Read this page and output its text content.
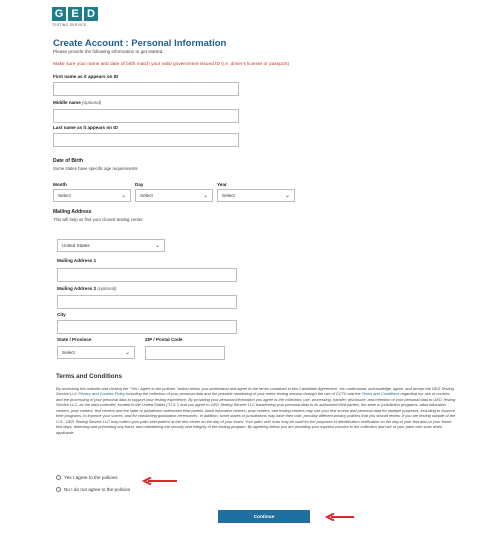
G E D
TESTING SERVICE
Create Account : Personal Information
Please provide the following information to get started.
Make sure your name and date of birth match your valid government-issued ID (i.e. driver's license or passport)
First name as it appears on ID
Middle name (optional)
Last name as it appears on ID
Date of Birth
Some states have specific age requirements
Month
Select	⌄
Day
Select	⌄
Year
Select	⌄
Mailing Address
This will help us find your closest testing center.
United States	⌄
Mailing Address 1
Mailing Address 2 (optional)
City
State / Province
Select	⌄
ZIP / Postal Code
Terms and Conditions
By accessing this website and clicking the "Yes I agree to the policies" button below, you understand and agree to the terms contained in this Candidate Agreement. You understand, acknowledge, agree, and accept the GED Testing Service LLC Privacy and Cookies Policy including the collection of your personal data and the possible monitoring of your entire testing session through the use of CCTV and the Terms and Conditions regarding our use of cookies and the processing of your personal data to support your testing experience. By providing your personal information you agree to the collection, use, processing, transfer, disclosure, and retention of your personal data to GED Testing Service LLC, as the data controller, located in the United States ("U.S.") and you agree to GED Testing Service LLC transferring your personal data to its authorized third parties, the state or jurisdiction programs, adult education centers, prep centers, test centers and the state or jurisdiction authorized third parties. Adult education centers, prep centers, and testing centers may use your test scores and personal data for multiple purposes, including to improve their programs, to improve your scores, and for conducting graduation ceremonies. In addition, some states or jurisdictions may have their own, possibly different privacy policies that you should review. If you are testing outside of the U.S., GED Testing Service LLC may collect your palm vein pattern at the test center on the day of your exam. Your palm vein scan may be used for the purposes of identification verification on the day of your test and on your future test days, detecting and preventing any fraud, and maintaining the security and integrity of the testing program. By agreeing below you are providing your express consent to the collection and use of your palm vein scan when applicable.
Yes I agree to the policies
No I do not agree to the policies
Continue
